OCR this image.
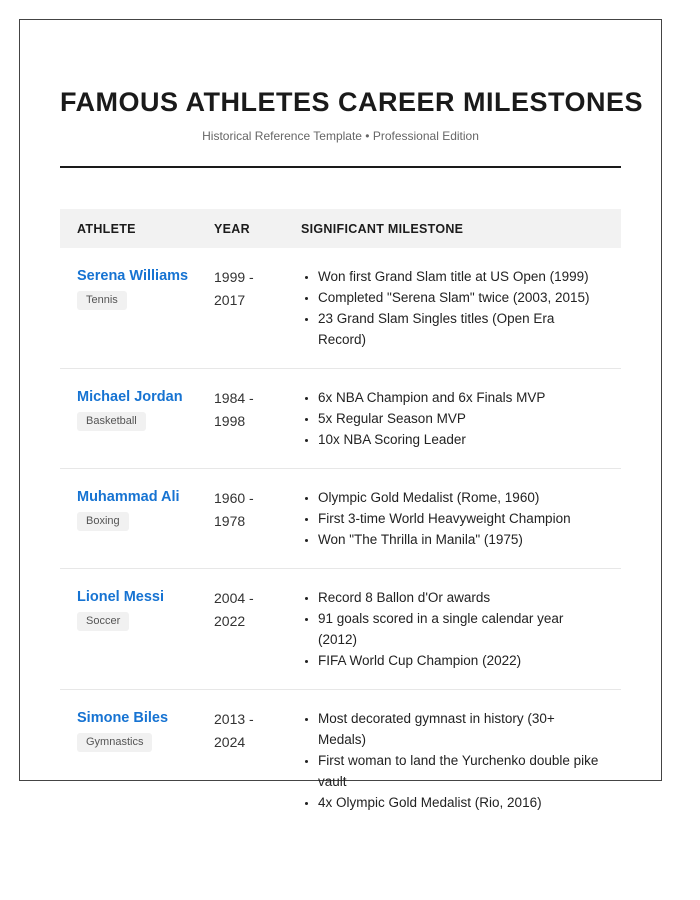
FAMOUS ATHLETES CAREER MILESTONES

Historical Reference Template • Professional Edition

ATHLETE	YEAR	SIGNIFICANT MILESTONE
Serena Williams
Tennis
1999 - 2017
• Won first Grand Slam title at US Open (1999)
• Completed "Serena Slam" twice (2003, 2015)
• 23 Grand Slam Singles titles (Open Era Record)
Michael Jordan
Basketball
1984 - 1998
• 6x NBA Champion and 6x Finals MVP
• 5x Regular Season MVP
• 10x NBA Scoring Leader
Muhammad Ali
Boxing
1960 - 1978
• Olympic Gold Medalist (Rome, 1960)
• First 3-time World Heavyweight Champion
• Won "The Thrilla in Manila" (1975)
Lionel Messi
Soccer
2004 - 2022
• Record 8 Ballon d'Or awards
• 91 goals scored in a single calendar year (2012)
• FIFA World Cup Champion (2022)
Simone Biles
Gymnastics
2013 - 2024
• Most decorated gymnast in history (30+ Medals)
• First woman to land the Yurchenko double pike vault
• 4x Olympic Gold Medalist (Rio, 2016)
